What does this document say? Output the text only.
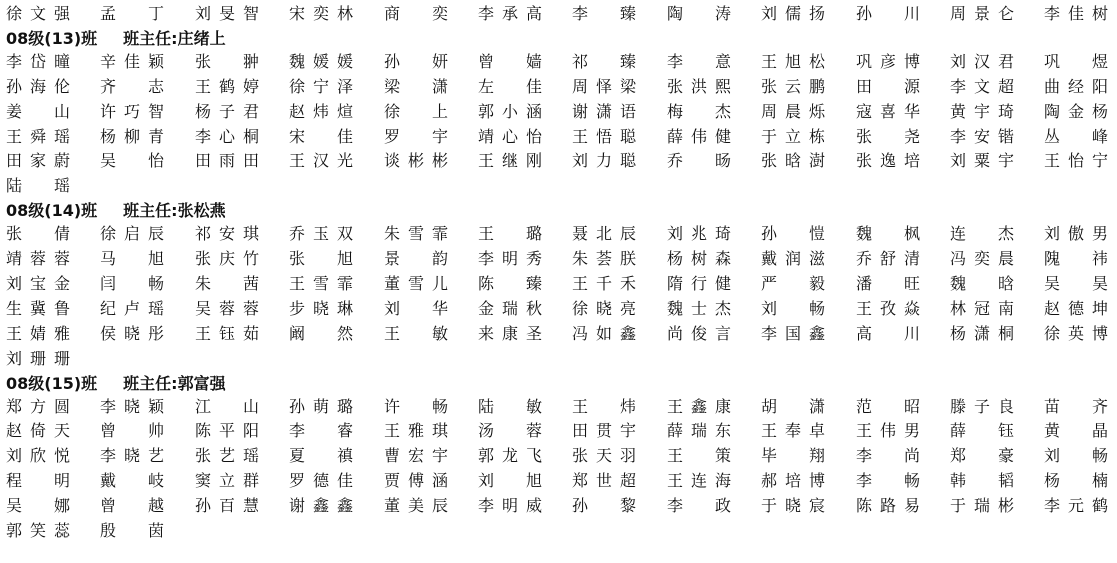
徐文强 孟　丁 刘旻智 宋奕林 商　奕 李承高 李　臻 陶　涛 刘儒扬 孙　川 周景仑 李佳树
08级(13)班 班主任:庄绪上
李岱曈 辛佳颖 张　翀 魏媛媛 孙　妍 曾　嫱 祁　臻 李　意 王旭松 巩彦博 刘汉君 巩　煜
孙海伦 齐　志 王鹤婷 徐宁泽 梁　潇 左　佳 周怿梁 张洪熙 张云鹏 田　源 李文超 曲经阳
姜　山 许巧智 杨子君 赵炜煊 徐　上 郭小涵 谢潇语 梅　杰 周晨烁 寇喜华 黄宇琦 陶金杨
王舜瑶 杨柳青 李心桐 宋　佳 罗　宇 靖心怡 王悟聪 薛伟健 于立栋 张　尧 李安锴 丛　峰
田家蔚 吴　怡 田雨田 王汉光 谈彬彬 王继刚 刘力聪 乔　旸 张晗澍 张逸培 刘粟宇 王怡宁
陆　瑶
08级(14)班 班主任:张松燕
张　倩 徐启辰 祁安琪 乔玉双 朱雪霏 王　璐 聂北辰 刘兆琦 孙　愷 魏　枫 连　杰 刘傲男
靖蓉蓉 马　旭 张庆竹 张　旭 景　韵 李明秀 朱荟朕 杨树森 戴润滋 乔舒清 冯奕晨 隗　祎
刘宝金 闫　畅 朱　茜 王雪霏 董雪儿 陈　臻 王千禾 隋行健 严　毅 潘　旺 魏　晗 吴　昊
生冀鲁 纪卢瑶 吴蓉蓉 步晓琳 刘　华 金瑞秋 徐晓亮 魏士杰 刘　畅 王孜焱 林冠南 赵德坤
王婧雅 侯晓彤 王钰茹 阚　然 王　敏 来康圣 冯如鑫 尚俊言 李国鑫 高　川 杨潇桐 徐英博
刘珊珊
08级(15)班 班主任:郭富强
郑方圆 李晓颖 江　山 孙萌璐 许　畅 陆　敏 王　炜 王鑫康 胡　潇 范　昭 滕子良 苗　齐
赵倚天 曾　帅 陈平阳 李　睿 王雅琪 汤　蓉 田贯宇 薛瑞东 王奉卓 王伟男 薛　钰 黄　晶
刘欣悦 李晓艺 张艺瑶 夏　禛 曹宏宇 郭龙飞 张天羽 王　策 毕　翔 李　尚 郑　豪 刘　畅
程　明 戴　岐 窦立群 罗德佳 贾傅涵 刘　旭 郑世超 王连海 郝培博 李　畅 韩　韬 杨　楠
吴　娜 曾　越 孙百慧 谢鑫鑫 董美辰 李明威 孙　黎 李　政 于晓宸 陈路易 于瑞彬 李元鹤
郭笑蕊 殷　茵
